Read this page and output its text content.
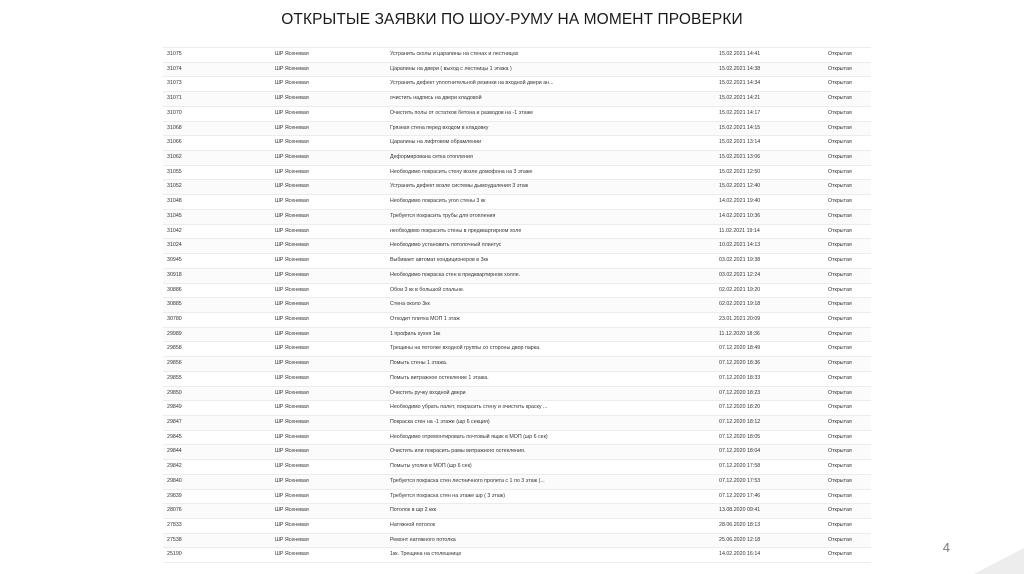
ОТКРЫТЫЕ ЗАЯВКИ ПО ШОУ-РУМУ НА МОМЕНТ ПРОВЕРКИ
31075	ШР Ясеневая	Устранить сколы и царапины на стенах и лестницах	15.02.2021 14:41	Открытая
31074	ШР Ясеневая	Царапины на двери ( выход с лестницы 1 этажа )	15.02.2021 14:38	Открытая
31073	ШР Ясеневая	Устранить дефект уплотнительной резинки на входной двери ан...	15.02.2021 14:34	Открытая
31071	ШР Ясеневая	очистить надпись на двери кладовой	15.02.2021 14:21	Открытая
31070	ШР Ясеневая	Очистить полы от остатков бетона и разводов на -1 этаже	15.02.2021 14:17	Открытая
31068	ШР Ясеневая	Грязная стена перед входом в кладовку	15.02.2021 14:15	Открытая
31066	ШР Ясеневая	Царапины на лифтовом обрамлении	15.02.2021 13:14	Открытая
31062	ШР Ясеневая	Деформирована сетка отопления	15.02.2021 13:06	Открытая
31055	ШР Ясеневая	Необходимо покрасить стену возле домофона на 3 этаже	15.02.2021 12:50	Открытая
31052	ШР Ясеневая	Устранить дефект возле системы дымоудаления 3 этаж	15.02.2021 12:40	Открытая
31048	ШР Ясеневая	Необходимо покрасить угол стены 3 кк	14.02.2021 19:40	Открытая
31045	ШР Ясеневая	Требуется покрасить трубы для отопления	14.02.2021 10:36	Открытая
31042	ШР Ясеневая	необходимо покрасить стены в предквартирном холе	11.02.2021 19:14	Открытая
31024	ШР Ясеневая	Необходимо установить потолочный плинтус	10.02.2021 14:13	Открытая
30945	ШР Ясеневая	Выбивает автомат кондиционеров в 3кк	03.02.2021 19:38	Открытая
30918	ШР Ясеневая	Необходимо покраска стен в предквартирном холле.	03.02.2021 12:24	Открытая
30886	ШР Ясеневая	Обои 3 кк в большой спальне.	02.02.2021 19:20	Открытая
30885	ШР Ясеневая	Стена около 3кк	02.02.2021 19:18	Открытая
30780	ШР Ясеневая	Отходит плитка МОП 1 этаж	23.01.2021 20:09	Открытая
29989	ШР Ясеневая	1 профиль кухня 1кк	11.12.2020 18:36	Открытая
29858	ШР Ясеневая	Трещины на потолке входной группы со стороны двор парка.	07.12.2020 18:49	Открытая
29856	ШР Ясеневая	Помыть стены 1 этажа.	07.12.2020 18:36	Открытая
29855	ШР Ясеневая	Помыть витражное остекление 1 этажа.	07.12.2020 18:33	Открытая
29850	ШР Ясеневая	Очистить ручку входной двери	07.12.2020 18:23	Открытая
29849	ШР Ясеневая	Необходимо убрать палет, покрасить стену и очистить краску ...	07.12.2020 18:20	Открытая
29847	ШР Ясеневая	Покраска стен на -1 этаже (шр 6 секция)	07.12.2020 18:12	Открытая
29845	ШР Ясеневая	Необходимо отремонтировать почтовый ящик в МОП (шр 6 сек)	07.12.2020 18:05	Открытая
29844	ШР Ясеневая	Очистить или покрасить рамы витражного остекления.	07.12.2020 18:04	Открытая
29842	ШР Ясеневая	Помыты уголки в МОП (шр 6 сек)	07.12.2020 17:58	Открытая
29840	ШР Ясеневая	Требуется покраска стен лестничного пролета с 1 по 3 этаж (...	07.12.2020 17:53	Открытая
29839	ШР Ясеневая	Требуется покраска стен на этаже шр ( 3 этаж)	07.12.2020 17:46	Открытая
28076	ШР Ясеневая	Потолок в шр 2 ккк	13.08.2020 09:41	Открытая
27833	ШР Ясеневая	Натяжной потолок	28.06.2020 18:13	Открытая
27538	ШР Ясеневая	Ремонт натяжного потолка	25.06.2020 12:18	Открытая
25190	ШР Ясеневая	1кк. Трещина на столешнице	14.02.2020 16:14	Открытая	4
